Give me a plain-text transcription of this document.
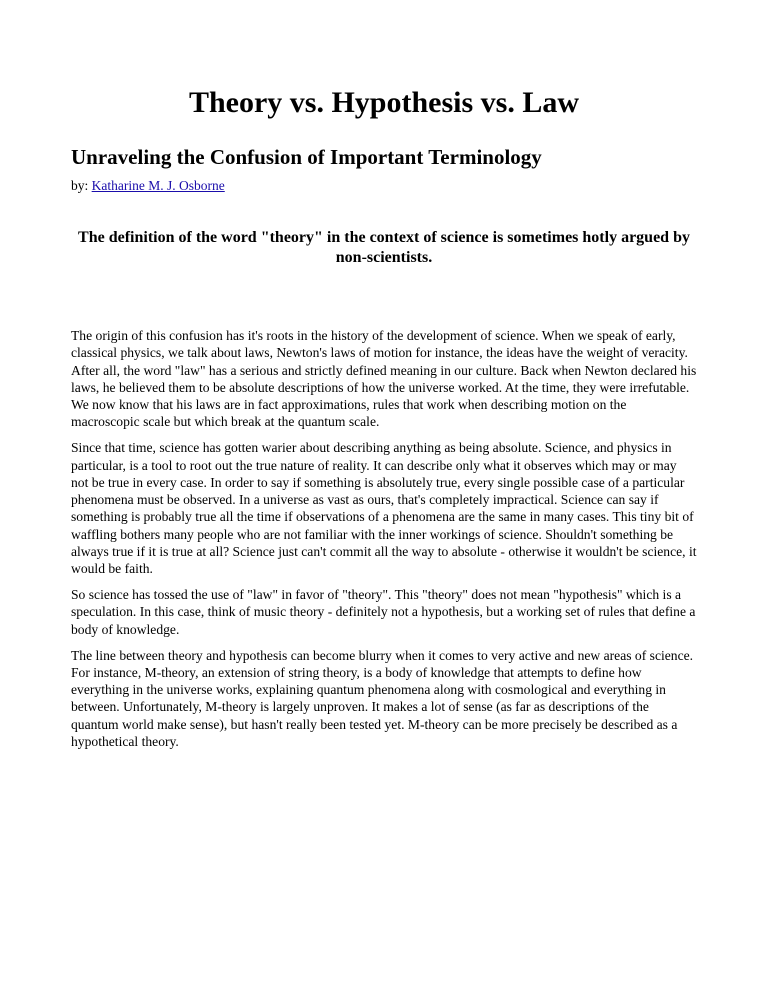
Theory vs. Hypothesis vs. Law
Unraveling the Confusion of Important Terminology
by: Katharine M. J. Osborne

The definition of the word "theory" in the context of science is sometimes hotly argued by non-scientists.

The origin of this confusion has it's roots in the history of the development of science. When we speak of early, classical physics, we talk about laws, Newton's laws of motion for instance, the ideas have the weight of veracity. After all, the word "law" has a serious and strictly defined meaning in our culture. Back when Newton declared his laws, he believed them to be absolute descriptions of how the universe worked. At the time, they were irrefutable. We now know that his laws are in fact approximations, rules that work when describing motion on the macroscopic scale but which break at the quantum scale.

Since that time, science has gotten warier about describing anything as being absolute. Science, and physics in particular, is a tool to root out the true nature of reality. It can describe only what it observes which may or may not be true in every case. In order to say if something is absolutely true, every single possible case of a particular phenomena must be observed. In a universe as vast as ours, that's completely impractical. Science can say if something is probably true all the time if observations of a phenomena are the same in many cases. This tiny bit of waffling bothers many people who are not familiar with the inner workings of science. Shouldn't something be always true if it is true at all? Science just can't commit all the way to absolute - otherwise it wouldn't be science, it would be faith.

So science has tossed the use of "law" in favor of "theory". This "theory" does not mean "hypothesis" which is a speculation. In this case, think of music theory - definitely not a hypothesis, but a working set of rules that define a body of knowledge.

The line between theory and hypothesis can become blurry when it comes to very active and new areas of science. For instance, M-theory, an extension of string theory, is a body of knowledge that attempts to define how everything in the universe works, explaining quantum phenomena along with cosmological and everything in between. Unfortunately, M-theory is largely unproven. It makes a lot of sense (as far as descriptions of the quantum world make sense), but hasn't really been tested yet. M-theory can be more precisely be described as a hypothetical theory.
